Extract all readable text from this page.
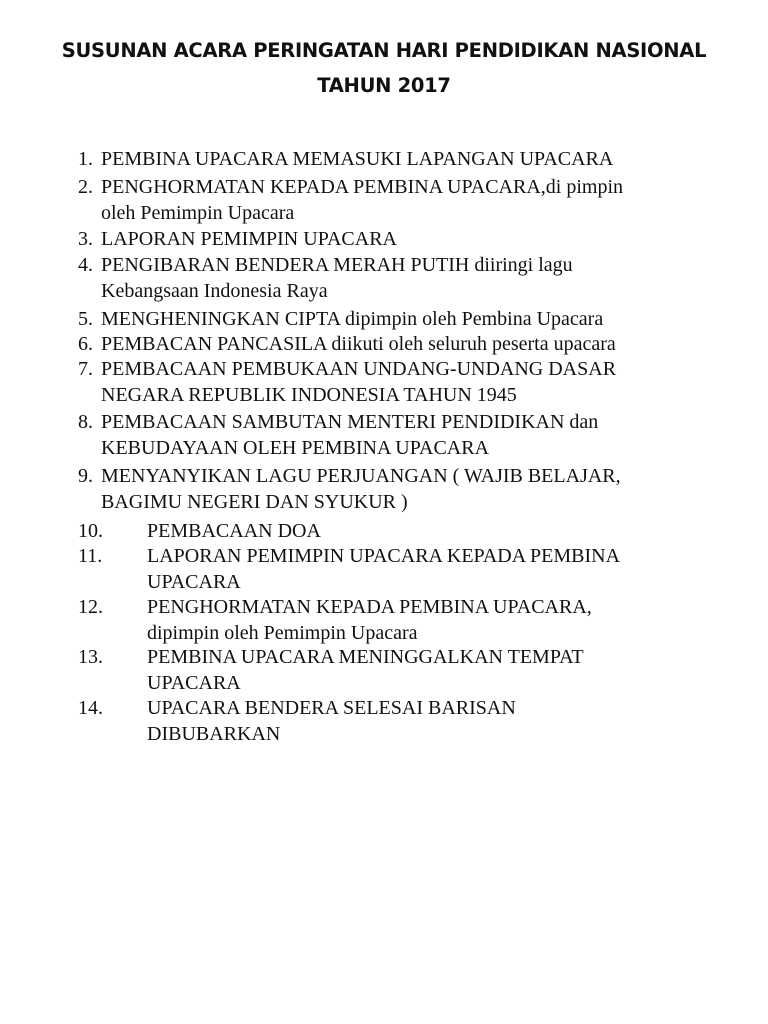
SUSUNAN ACARA PERINGATAN HARI PENDIDIKAN NASIONAL
TAHUN 2017
1. PEMBINA UPACARA MEMASUKI LAPANGAN UPACARA
2. PENGHORMATAN KEPADA PEMBINA UPACARA,di pimpin
oleh Pemimpin Upacara
3. LAPORAN PEMIMPIN UPACARA
4. PENGIBARAN BENDERA MERAH PUTIH diiringi lagu
Kebangsaan Indonesia Raya
5. MENGHENINGKAN CIPTA dipimpin oleh Pembina Upacara
6. PEMBACAN PANCASILA diikuti oleh seluruh peserta upacara
7. PEMBACAAN PEMBUKAAN UNDANG-UNDANG DASAR
NEGARA REPUBLIK INDONESIA TAHUN 1945
8. PEMBACAAN SAMBUTAN MENTERI PENDIDIKAN dan
KEBUDAYAAN OLEH PEMBINA UPACARA
9. MENYANYIKAN LAGU PERJUANGAN ( WAJIB BELAJAR,
BAGIMU NEGERI DAN SYUKUR )
10. PEMBACAAN DOA
11. LAPORAN PEMIMPIN UPACARA KEPADA PEMBINA
UPACARA
12. PENGHORMATAN KEPADA PEMBINA UPACARA,
dipimpin oleh Pemimpin Upacara
13. PEMBINA UPACARA MENINGGALKAN TEMPAT
UPACARA
14. UPACARA BENDERA SELESAI BARISAN
DIBUBARKAN
